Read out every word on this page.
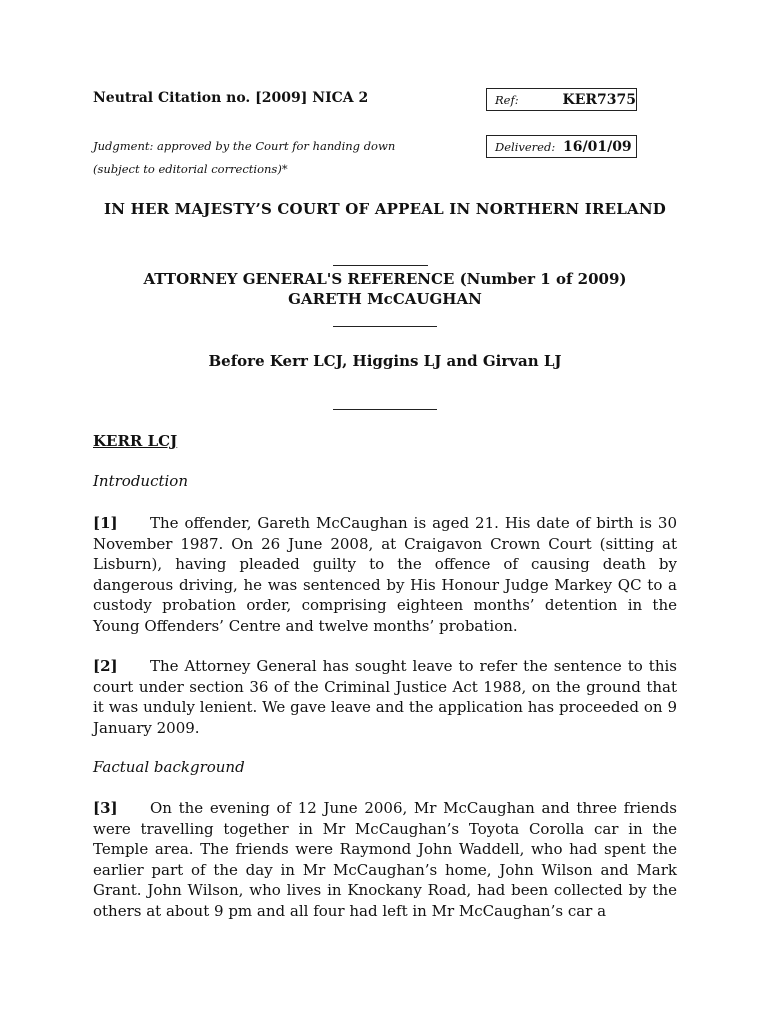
Neutral Citation no. [2009] NICA 2
Judgment: approved by the Court for handing down
(subject to editorial corrections)*
Ref:	KER7375
Delivered: 16/01/09
IN HER MAJESTY’S COURT OF APPEAL IN NORTHERN IRELAND
ATTORNEY GENERAL'S REFERENCE (Number 1 of 2009)
GARETH McCAUGHAN
Before Kerr LCJ, Higgins LJ and Girvan LJ
KERR LCJ
Introduction
[1] The offender, Gareth McCaughan is aged 21. His date of birth is 30 November 1987. On 26 June 2008, at Craigavon Crown Court (sitting at Lisburn), having pleaded guilty to the offence of causing death by dangerous driving, he was sentenced by His Honour Judge Markey QC to a custody probation order, comprising eighteen months’ detention in the Young Offenders’ Centre and twelve months’ probation.
[2] The Attorney General has sought leave to refer the sentence to this court under section 36 of the Criminal Justice Act 1988, on the ground that it was unduly lenient. We gave leave and the application has proceeded on 9 January 2009.
Factual background
[3] On the evening of 12 June 2006, Mr McCaughan and three friends were travelling together in Mr McCaughan’s Toyota Corolla car in the Temple area. The friends were Raymond John Waddell, who had spent the earlier part of the day in Mr McCaughan’s home, John Wilson and Mark Grant. John Wilson, who lives in Knockany Road, had been collected by the others at about 9 pm and all four had left in Mr McCaughan’s car a
